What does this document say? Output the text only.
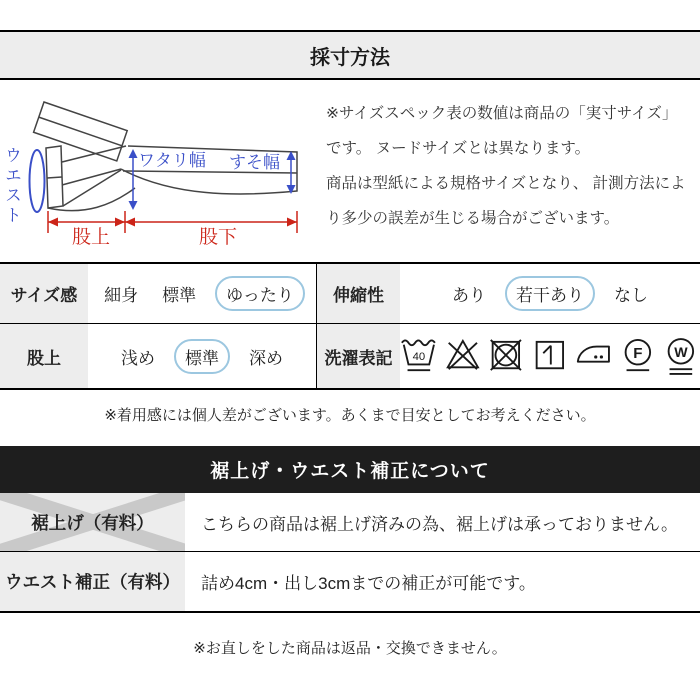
採寸方法
ウエスト	ワタリ幅 すそ幅
股上	股下

※サイズスペック表の数値は商品の「実寸サイズ」です。 ヌードサイズとは異なります。

商品は型紙による規格サイズとなり、 計測方法により多少の誤差が生じる場合がございます。

サイズ感	細身 標準	ゆったり	伸縮性	あり	若干あり	なし
股上	浅め	標準	深め	洗濯表記	40	F W
※着用感には個人差がございます。あくまで目安としてお考えください。
裾上げ・ウエスト補正について
裾上げ（有料）	こちらの商品は裾上げ済みの為、裾上げは承っておりません。
ウエスト補正（有料）	詰め4cm・出し3cmまでの補正が可能です。
※お直しをした商品は返品・交換できません。
